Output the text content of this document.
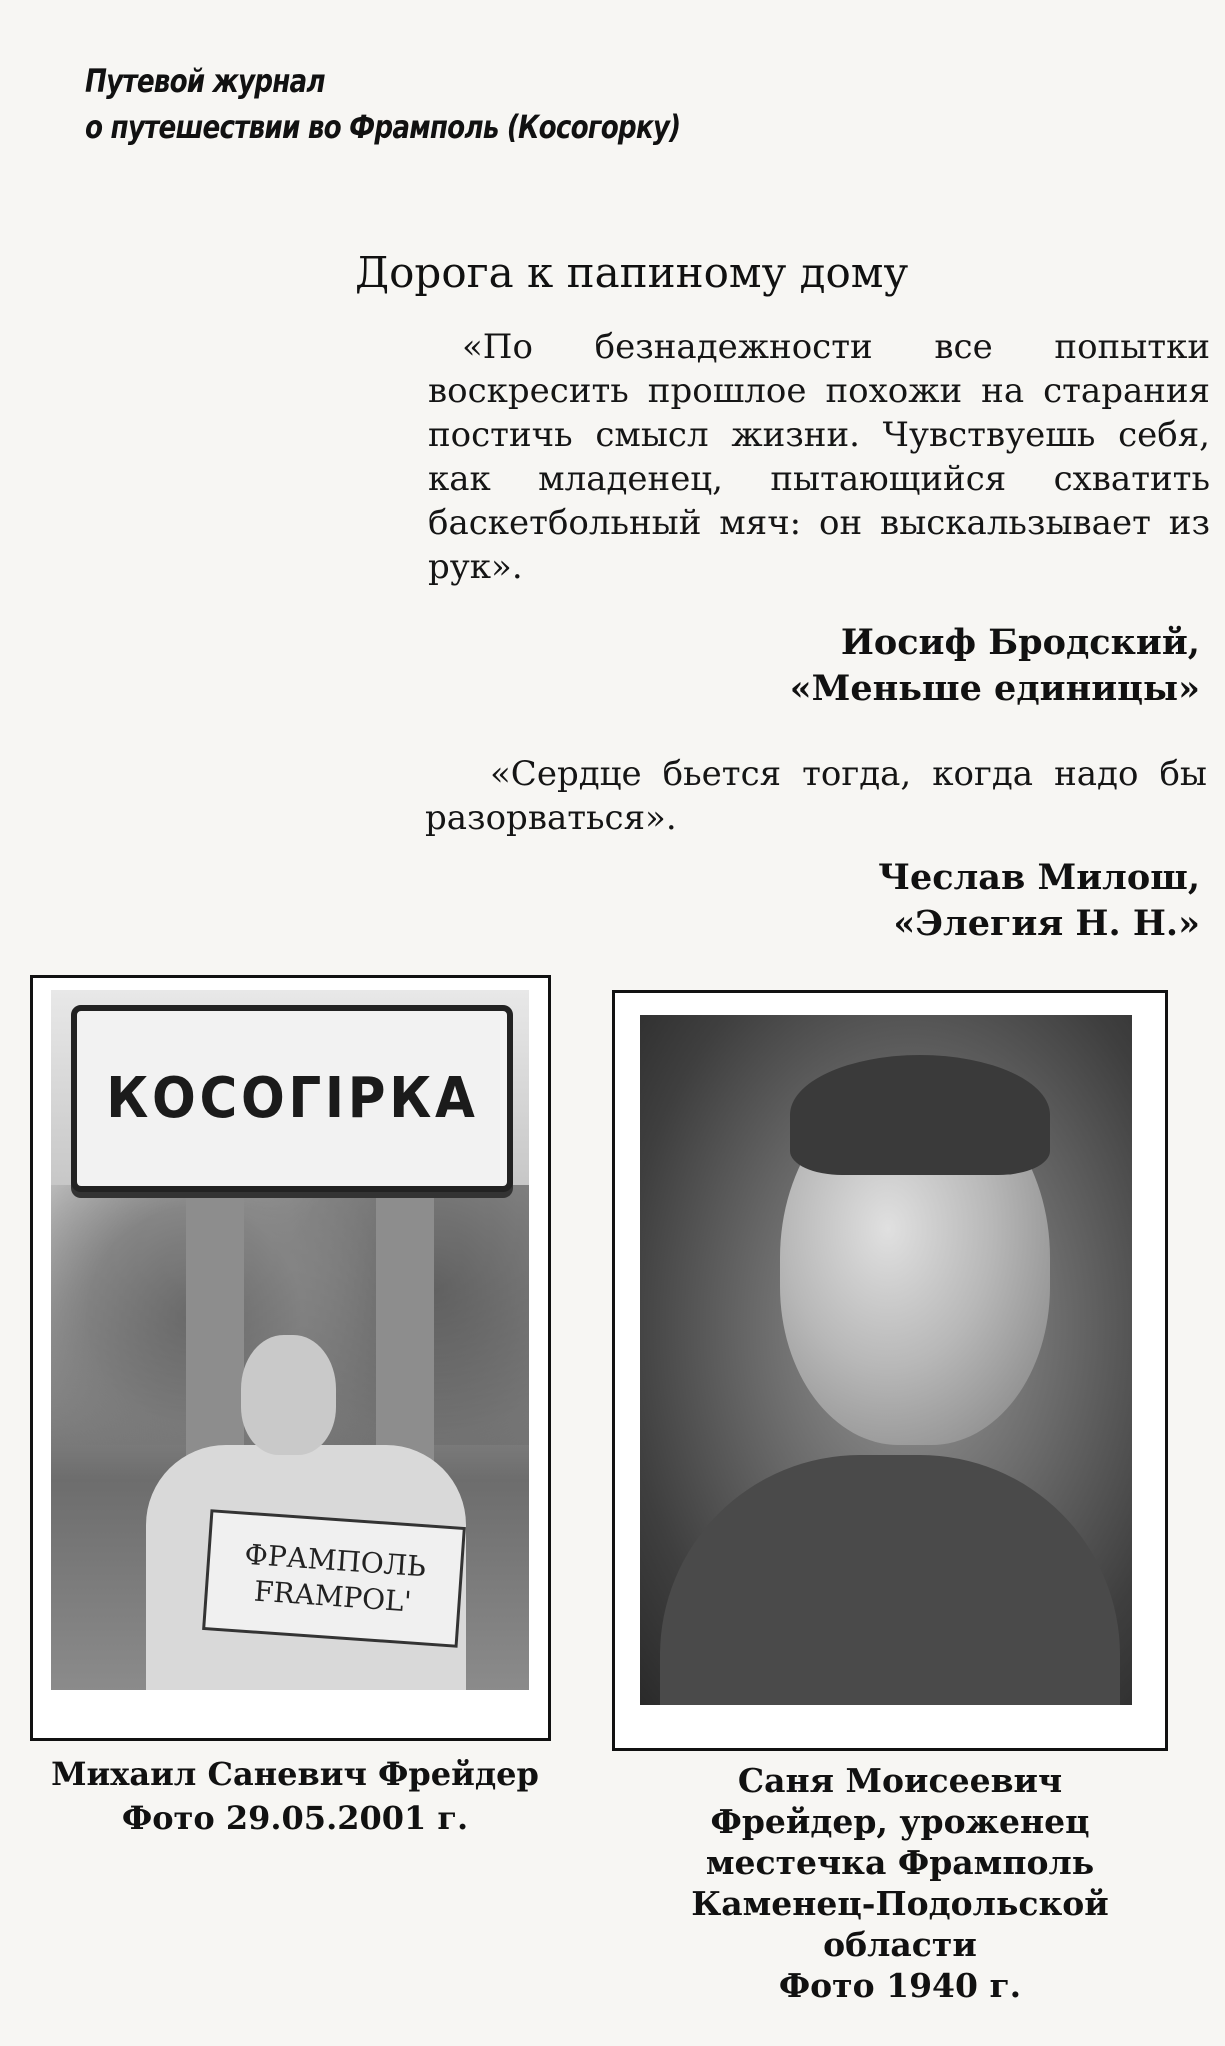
Путевой журнал
о путешествии во Фрамполь (Косогорку)
Дорога к папиному дому
«По безнадежности все попытки воскресить прошлое похожи на старания постичь смысл жизни. Чувствуешь себя, как младенец, пытающийся схватить баскетбольный мяч: он выскальзывает из рук».
Иосиф Бродский,
«Меньше единицы»
«Сердце бьется тогда, когда надо бы разорваться».
Чеслав Милош,
«Элегия Н. Н.»
КОСОГІРКА
ФРАМПОЛЬ
FRAMPOL'
Михаил Саневич Фрейдер
Фото 29.05.2001 г.
Саня Моисеевич
Фрейдер, уроженец
местечка Фрамполь
Каменец-Подольской
области
Фото 1940 г.
